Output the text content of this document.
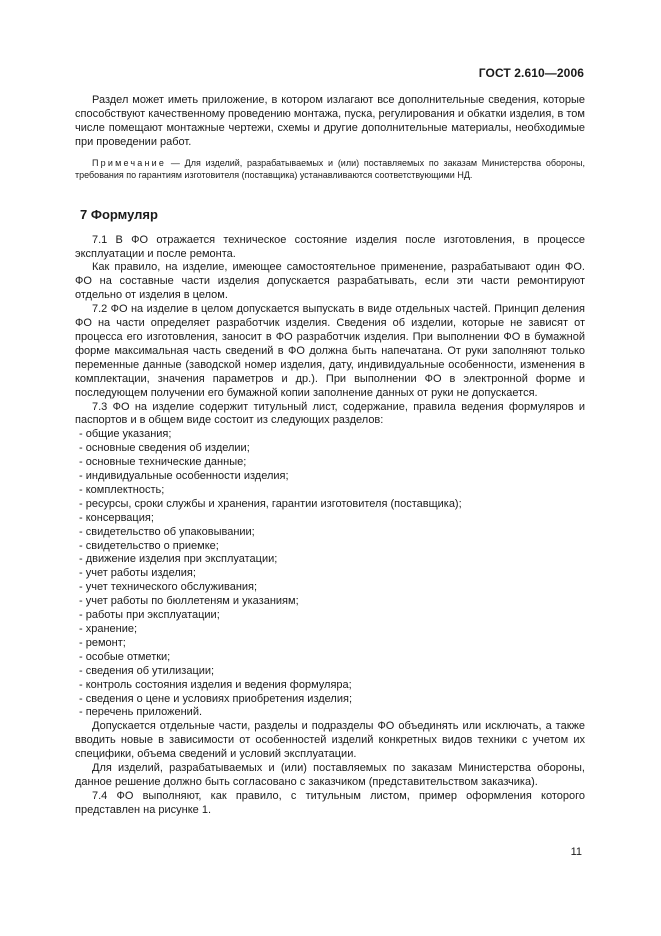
ГОСТ 2.610—2006

Раздел может иметь приложение, в котором излагают все дополнительные сведения, которые способствуют качественному проведению монтажа, пуска, регулирования и обкатки изделия, в том числе помещают монтажные чертежи, схемы и другие дополнительные материалы, необходимые при проведении работ.

Примечание — Для изделий, разрабатываемых и (или) поставляемых по заказам Министерства обороны, требования по гарантиям изготовителя (поставщика) устанавливаются соответствующими НД.

7 Формуляр

7.1 В ФО отражается техническое состояние изделия после изготовления, в процессе эксплуатации и после ремонта.

Как правило, на изделие, имеющее самостоятельное применение, разрабатывают один ФО. ФО на составные части изделия допускается разрабатывать, если эти части ремонтируют отдельно от изделия в целом.

7.2 ФО на изделие в целом допускается выпускать в виде отдельных частей. Принцип деления ФО на части определяет разработчик изделия. Сведения об изделии, которые не зависят от процесса его изготовления, заносит в ФО разработчик изделия. При выполнении ФО в бумажной форме максимальная часть сведений в ФО должна быть напечатана. От руки заполняют только переменные данные (заводской номер изделия, дату, индивидуальные особенности, изменения в комплектации, значения параметров и др.). При выполнении ФО в электронной форме и последующем получении его бумажной копии заполнение данных от руки не допускается.

7.3 ФО на изделие содержит титульный лист, содержание, правила ведения формуляров и паспортов и в общем виде состоит из следующих разделов:

- общие указания;
- основные сведения об изделии;
- основные технические данные;
- индивидуальные особенности изделия;
- комплектность;
- ресурсы, сроки службы и хранения, гарантии изготовителя (поставщика);
- консервация;
- свидетельство об упаковывании;
- свидетельство о приемке;
- движение изделия при эксплуатации;
- учет работы изделия;
- учет технического обслуживания;
- учет работы по бюллетеням и указаниям;
- работы при эксплуатации;
- хранение;
- ремонт;
- особые отметки;
- сведения об утилизации;
- контроль состояния изделия и ведения формуляра;
- сведения о цене и условиях приобретения изделия;
- перечень приложений.

Допускается отдельные части, разделы и подразделы ФО объединять или исключать, а также вводить новые в зависимости от особенностей изделий конкретных видов техники с учетом их специфики, объема сведений и условий эксплуатации.

Для изделий, разрабатываемых и (или) поставляемых по заказам Министерства обороны, данное решение должно быть согласовано с заказчиком (представительством заказчика).

7.4 ФО выполняют, как правило, с титульным листом, пример оформления которого представлен на рисунке 1.

11
